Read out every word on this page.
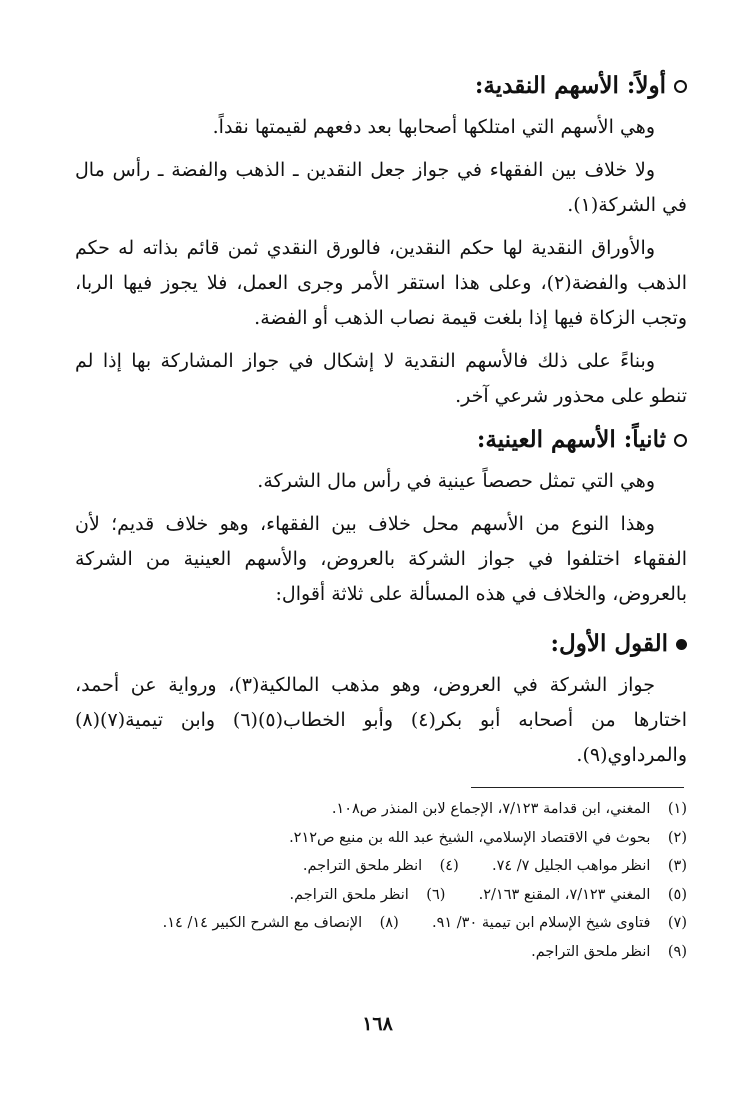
أولاً: الأسهم النقدية:

وهي الأسهم التي امتلكها أصحابها بعد دفعهم لقيمتها نقداً.

ولا خلاف بين الفقهاء في جواز جعل النقدين ـ الذهب والفضة ـ رأس مال في الشركة(١).

والأوراق النقدية لها حكم النقدين، فالورق النقدي ثمن قائم بذاته له حكم الذهب والفضة(٢)، وعلى هذا استقر الأمر وجرى العمل، فلا يجوز فيها الربا، وتجب الزكاة فيها إذا بلغت قيمة نصاب الذهب أو الفضة.

وبناءً على ذلك فالأسهم النقدية لا إشكال في جواز المشاركة بها إذا لم تنطو على محذور شرعي آخر.

ثانياً: الأسهم العينية:

وهي التي تمثل حصصاً عينية في رأس مال الشركة.

وهذا النوع من الأسهم محل خلاف بين الفقهاء، وهو خلاف قديم؛ لأن الفقهاء اختلفوا في جواز الشركة بالعروض، والأسهم العينية من الشركة بالعروض، والخلاف في هذه المسألة على ثلاثة أقوال:

القول الأول:

جواز الشركة في العروض، وهو مذهب المالكية(٣)، ورواية عن أحمد، اختارها من أصحابه أبو بكر(٤) وأبو الخطاب(٥)(٦) وابن تيمية(٧)(٨) والمرداوي(٩).

(١) المغني، ابن قدامة ٧/١٢٣، الإجماع لابن المنذر ص١٠٨.
(٢) بحوث في الاقتصاد الإسلامي، الشيخ عبد الله بن منيع ص٢١٢.
(٣) انظر مواهب الجليل ٧/ ٧٤.  (٤) انظر ملحق التراجم.
(٥) المغني ٧/١٢٣، المقنع ٢/١٦٣.  (٦) انظر ملحق التراجم.
(٧) فتاوى شيخ الإسلام ابن تيمية ٣٠/ ٩١.  (٨) الإنصاف مع الشرح الكبير ١٤/ ١٤.
(٩) انظر ملحق التراجم.
١٦٨
